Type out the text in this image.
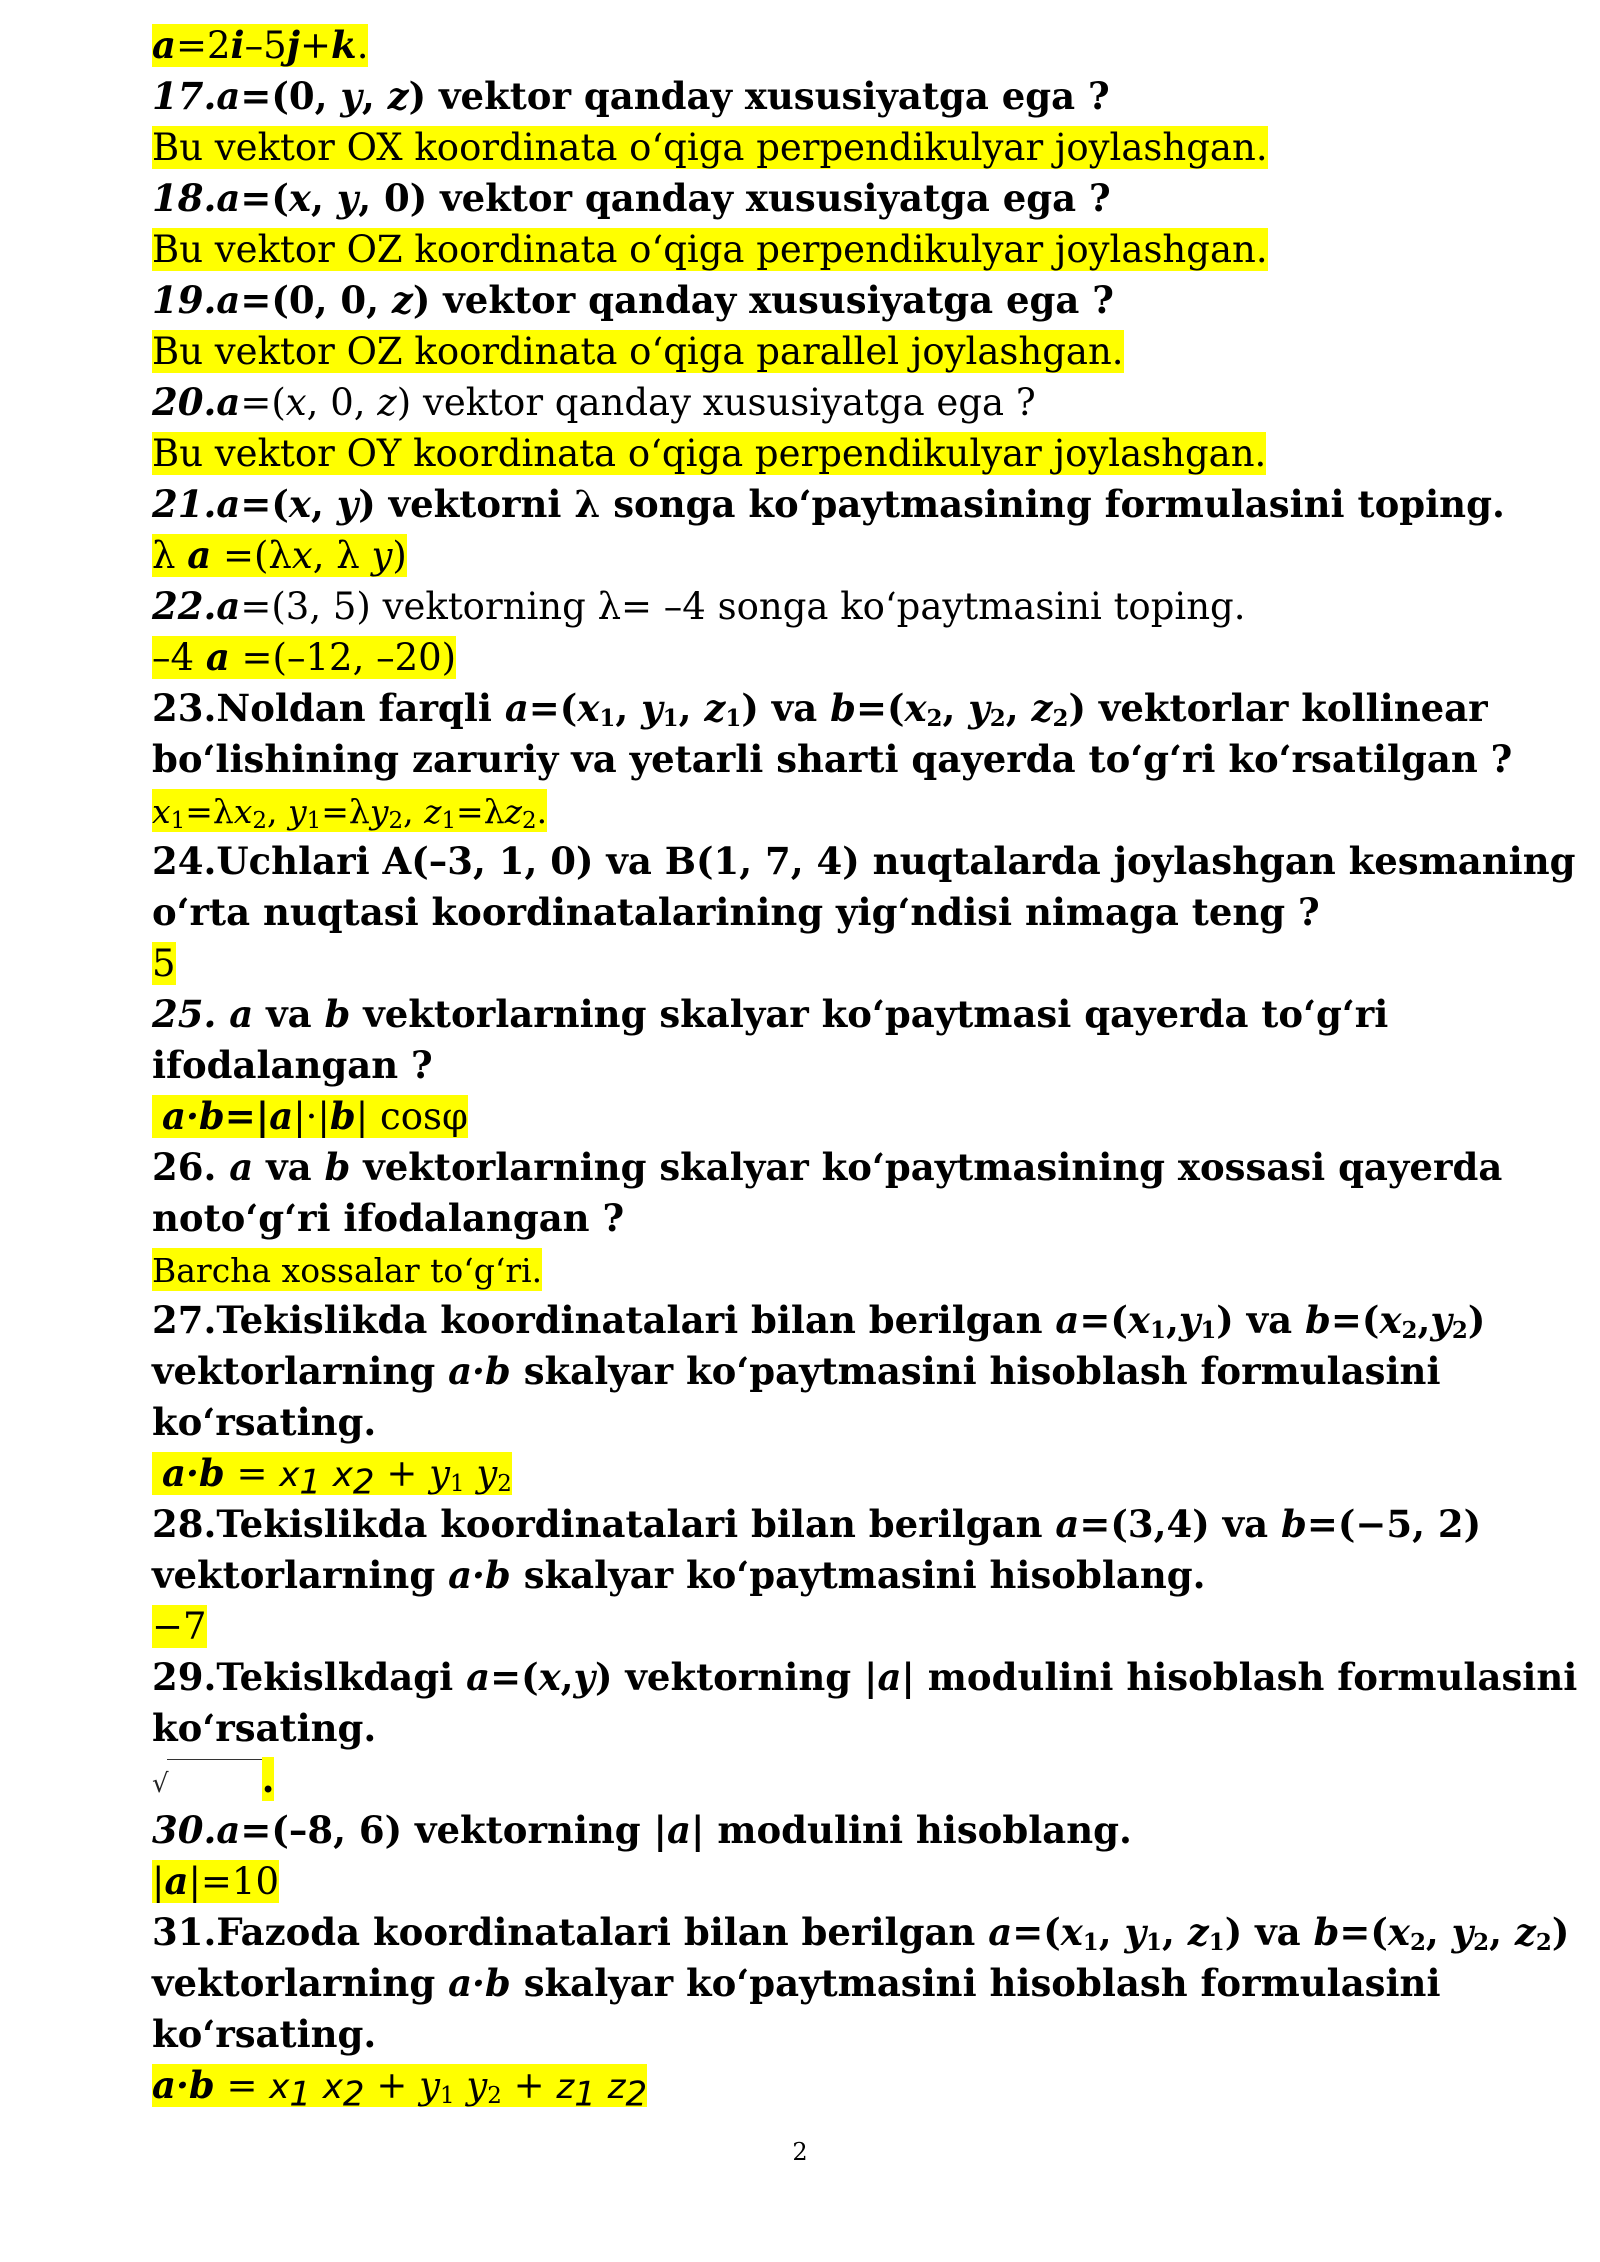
a=2i–5j+k.
17.a=(0, y, z) vektor qanday xususiyatga ega ?
Bu vektor OX koordinata oʻqiga perpendikulyar joylashgan.
18.a=(x, y, 0) vektor qanday xususiyatga ega ?
Bu vektor OZ koordinata oʻqiga perpendikulyar joylashgan.
19.a=(0, 0, z) vektor qanday xususiyatga ega ?
Bu vektor OZ koordinata oʻqiga parallel joylashgan.
20.a=(x, 0, z) vektor qanday xususiyatga ega ?
Bu vektor OY koordinata oʻqiga perpendikulyar joylashgan.
21.a=(x, y) vektorni λ songa koʻpaytmasining formulasini toping.
λ a =(λx, λ y)
22.a=(3, 5) vektorning λ= –4 songa koʻpaytmasini toping.
–4 a =(–12, –20)
23.Noldan farqli $a=(x_1$, $y_1$, $z_1$) va $b=(x_2$, $y_2$, $z_2$) vektorlar kollinear
boʻlishining zaruriy va yetarli sharti qayerda toʻgʻri koʻrsatilgan ?
$x_1=\lambda x_2$, $y_1=\lambda y_2$, $z_1=\lambda z_2$.
24.Uchlari A(–3, 1, 0) va B(1, 7, 4) nuqtalarda joylashgan kesmaning
oʻrta nuqtasi koordinatalarining yigʻndisi nimaga teng ?
5
25. a va b vektorlarning skalyar koʻpaytmasi qayerda toʻgʻri
ifodalangan ?
a·b=|a|·|b| cosφ
26. a va b vektorlarning skalyar koʻpaytmasining xossasi qayerda
notoʻgʻri ifodalangan ?
Barcha xossalar toʻgʻri.
27.Tekislikda koordinatalari bilan berilgan $a=(x_1,y_1)$ va $b=(x_2,y_2)$
vektorlarning a·b skalyar koʻpaytmasini hisoblash formulasini
koʻrsating.
a·b = x1 $x2 + y_1$ $y_2$
28.Tekislikda koordinatalari bilan berilgan a=(3,4) va b=(−5, 2)
vektorlarning a·b skalyar koʻpaytmasini hisoblang.
−7
29.Tekislkdagi a=(x,y) vektorning |a| modulini hisoblash formulasini
koʻrsating.
√	.
30.a=(–8, 6) vektorning |a| modulini hisoblang.
|a|=10
31.Fazoda koordinatalari bilan berilgan $a=(x_1$, $y_1$, $z_1$) va $b=(x_2$, $y_2$, $z_2$)
vektorlarning a·b skalyar koʻpaytmasini hisoblash formulasini
koʻrsating.
a·b = x1 $x2 + y_1$ $y_2 + z1$ z2
2
